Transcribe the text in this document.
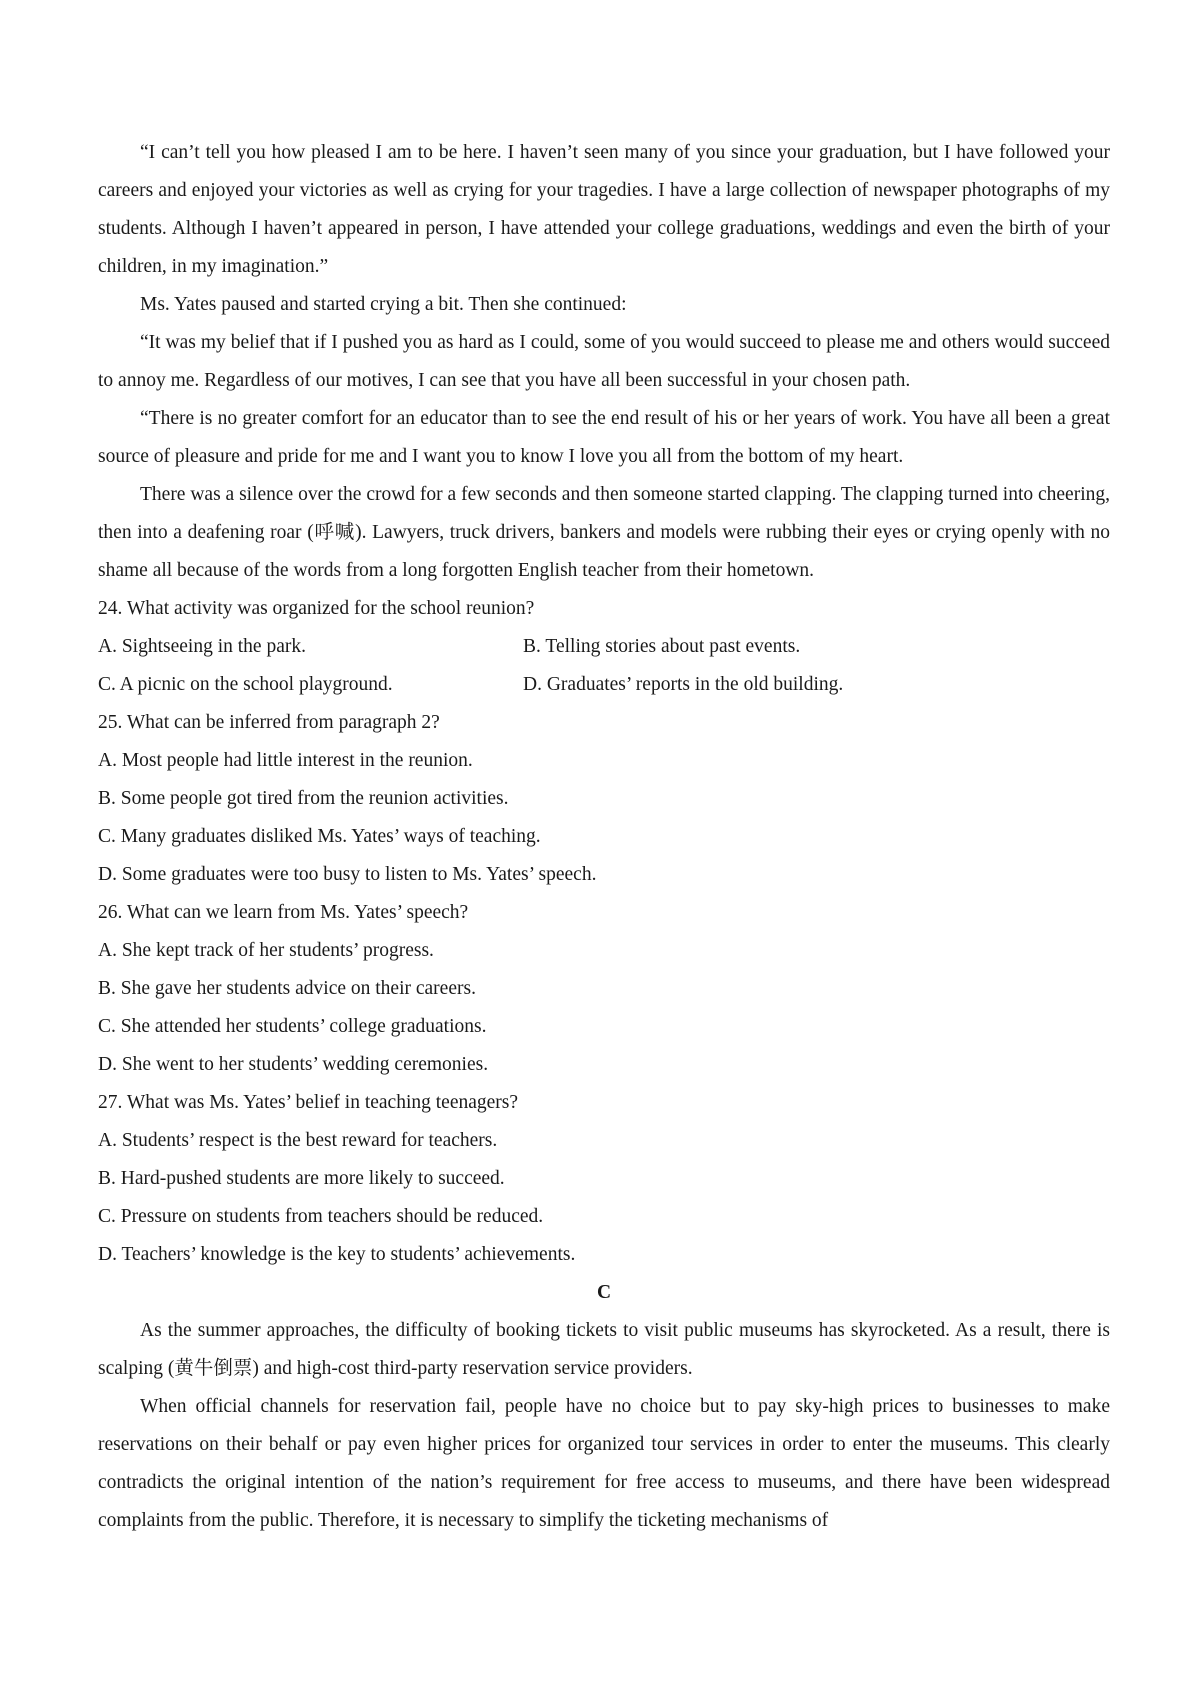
“I can’t tell you how pleased I am to be here. I haven’t seen many of you since your graduation, but I have followed your careers and enjoyed your victories as well as crying for your tragedies. I have a large collection of newspaper photographs of my students. Although I haven’t appeared in person, I have attended your college graduations, weddings and even the birth of your children, in my imagination.”

Ms. Yates paused and started crying a bit. Then she continued:

“It was my belief that if I pushed you as hard as I could, some of you would succeed to please me and others would succeed to annoy me. Regardless of our motives, I can see that you have all been successful in your chosen path.

“There is no greater comfort for an educator than to see the end result of his or her years of work. You have all been a great source of pleasure and pride for me and I want you to know I love you all from the bottom of my heart.

There was a silence over the crowd for a few seconds and then someone started clapping. The clapping turned into cheering, then into a deafening roar (呼喊). Lawyers, truck drivers, bankers and models were rubbing their eyes or crying openly with no shame all because of the words from a long forgotten English teacher from their hometown.

24. What activity was organized for the school reunion?

A. Sightseeing in the park.	B. Telling stories about past events.
C. A picnic on the school playground.	D. Graduates’ reports in the old building.

25. What can be inferred from paragraph 2?

A. Most people had little interest in the reunion.

B. Some people got tired from the reunion activities.

C. Many graduates disliked Ms. Yates’ ways of teaching.

D. Some graduates were too busy to listen to Ms. Yates’ speech.

26. What can we learn from Ms. Yates’ speech?

A. She kept track of her students’ progress.

B. She gave her students advice on their careers.

C. She attended her students’ college graduations.

D. She went to her students’ wedding ceremonies.

27. What was Ms. Yates’ belief in teaching teenagers?

A. Students’ respect is the best reward for teachers.

B. Hard-pushed students are more likely to succeed.

C. Pressure on students from teachers should be reduced.

D. Teachers’ knowledge is the key to students’ achievements.

C

As the summer approaches, the difficulty of booking tickets to visit public museums has skyrocketed. As a result, there is scalping (黄牛倒票) and high-cost third-party reservation service providers.

When official channels for reservation fail, people have no choice but to pay sky-high prices to businesses to make reservations on their behalf or pay even higher prices for organized tour services in order to enter the museums. This clearly contradicts the original intention of the nation’s requirement for free access to museums, and there have been widespread complaints from the public. Therefore, it is necessary to simplify the ticketing mechanisms of
